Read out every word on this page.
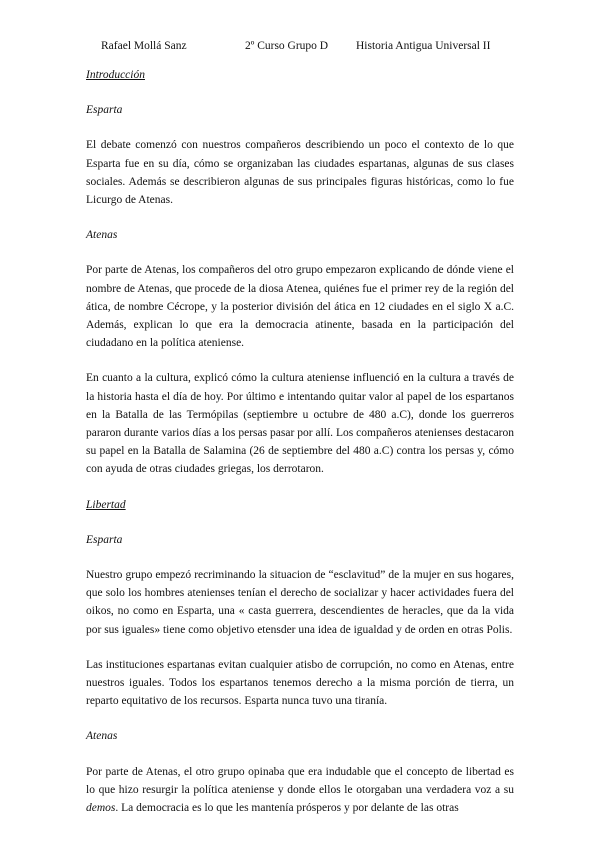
Rafael Mollá Sanz	2º Curso Grupo D Historia Antigua Universal II
Introducción
Esparta

El debate comenzó con nuestros compañeros describiendo un poco el contexto de lo que Esparta fue en su día, cómo se organizaban las ciudades espartanas, algunas de sus clases sociales. Además se describieron algunas de sus principales figuras históricas, como lo fue Licurgo de Atenas.

Atenas

Por parte de Atenas, los compañeros del otro grupo empezaron explicando de dónde viene el nombre de Atenas, que procede de la diosa Atenea, quiénes fue el primer rey de la región del ática, de nombre Cécrope, y la posterior división del ática en 12 ciudades en el siglo X a.C. Además, explican lo que era la democracia atinente, basada en la participación del ciudadano en la política ateniense.

En cuanto a la cultura, explicó cómo la cultura ateniense influenció en la cultura a través de la historia hasta el día de hoy. Por último e intentando quitar valor al papel de los espartanos en la Batalla de las Termópilas (septiembre u octubre de 480 a.C), donde los guerreros pararon durante varios días a los persas pasar por allí. Los compañeros atenienses destacaron su papel en la Batalla de Salamina (26 de septiembre del 480 a.C) contra los persas y, cómo con ayuda de otras ciudades griegas, los derrotaron.

Libertad
Esparta

Nuestro grupo empezó recriminando la situacion de “esclavitud” de la mujer en sus hogares, que solo los hombres atenienses tenían el derecho de socializar y hacer actividades fuera del oikos, no como en Esparta, una « casta guerrera, descendientes de heracles, que da la vida por sus iguales» tiene como objetivo etensder una idea de igualdad y de orden en otras Polis.

Las instituciones espartanas evitan cualquier atisbo de corrupción, no como en Atenas, entre nuestros iguales. Todos los espartanos tenemos derecho a la misma porción de tierra, un reparto equitativo de los recursos. Esparta nunca tuvo una tiranía.

Atenas

Por parte de Atenas, el otro grupo opinaba que era indudable que el concepto de libertad es lo que hizo resurgir la política ateniense y donde ellos le otorgaban una verdadera voz a su demos. La democracia es lo que les mantenía prósperos y por delante de las otras
